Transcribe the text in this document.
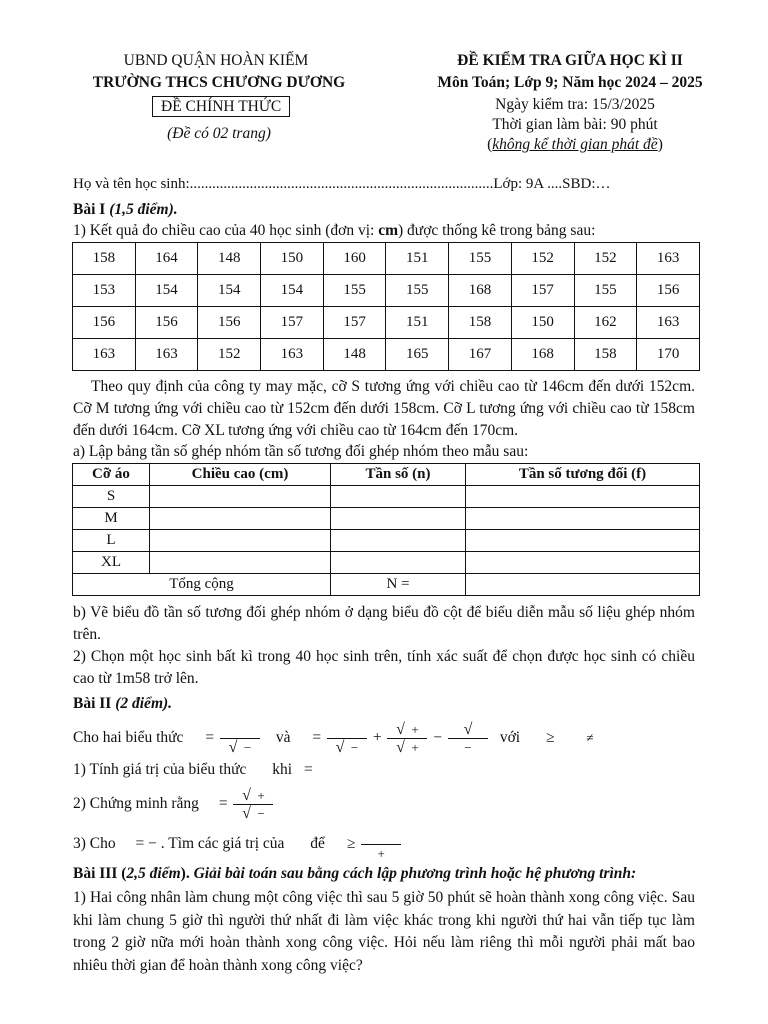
UBND QUẬN HOÀN KIẾM
TRƯỜNG THCS CHƯƠNG DƯƠNG
ĐỀ CHÍNH THỨC
(Đề có 02 trang)
ĐỀ KIỂM TRA GIỮA HỌC KÌ II
Môn Toán; Lớp 9; Năm học 2024 – 2025
Ngày kiểm tra: 15/3/2025
Thời gian làm bài: 90 phút
(không kể thời gian phát đề)
Họ và tên học sinh:.................................................................................Lớp: 9A ....SBD:…
Bài I (1,5 điểm).
1) Kết quả đo chiều cao của 40 học sinh (đơn vị: cm) được thống kê trong bảng sau:
158	164	148	150	160	151	155	152	152	163
153	154	154	154	155	155	168	157	155	156
156	156	156	157	157	151	158	150	162	163
163	163	152	163	148	165	167	168	158	170
Theo quy định của công ty may mặc, cỡ S tương ứng với chiều cao từ 146cm đến dưới 152cm. Cỡ M tương ứng với chiều cao từ 152cm đến dưới 158cm. Cỡ L tương ứng với chiều cao từ 158cm đến dưới 164cm. Cỡ XL tương ứng với chiều cao từ 164cm đến 170cm.
a) Lập bảng tần số ghép nhóm tần số tương đối ghép nhóm theo mẫu sau:
Cỡ áo	Chiều cao (cm)	Tần số (n)	Tần số tương đối (f)
S			
M			
L			
XL			
Tổng cộng		N =	
b) Vẽ biểu đồ tần số tương đối ghép nhóm ở dạng biểu đồ cột để biểu diễn mẫu số liệu ghép nhóm trên.
2) Chọn một học sinh bất kì trong 40 học sinh trên, tính xác suất để chọn được học sinh có chiều cao từ 1m58 trở lên.
Bài II (2 điểm).
Cho hai biểu thức =
√ −
và =
√ −
+ $\frac{√ +}{√ +} - \frac{√}{-}$ với ≥ ≠
1) Tính giá trị của biểu thức khi =
2) Chứng minh rằng = $\frac{√ +}{√ -}$
3) Cho = − . Tìm các giá trị của để ≥
+
Bài III (2,5 điểm). Giải bài toán sau bằng cách lập phương trình hoặc hệ phương trình:
1) Hai công nhân làm chung một công việc thì sau 5 giờ 50 phút sẽ hoàn thành xong công việc. Sau khi làm chung 5 giờ thì người thứ nhất đi làm việc khác trong khi người thứ hai vẫn tiếp tục làm trong 2 giờ nữa mới hoàn thành xong công việc. Hỏi nếu làm riêng thì mỗi người phải mất bao nhiêu thời gian để hoàn thành xong công việc?
